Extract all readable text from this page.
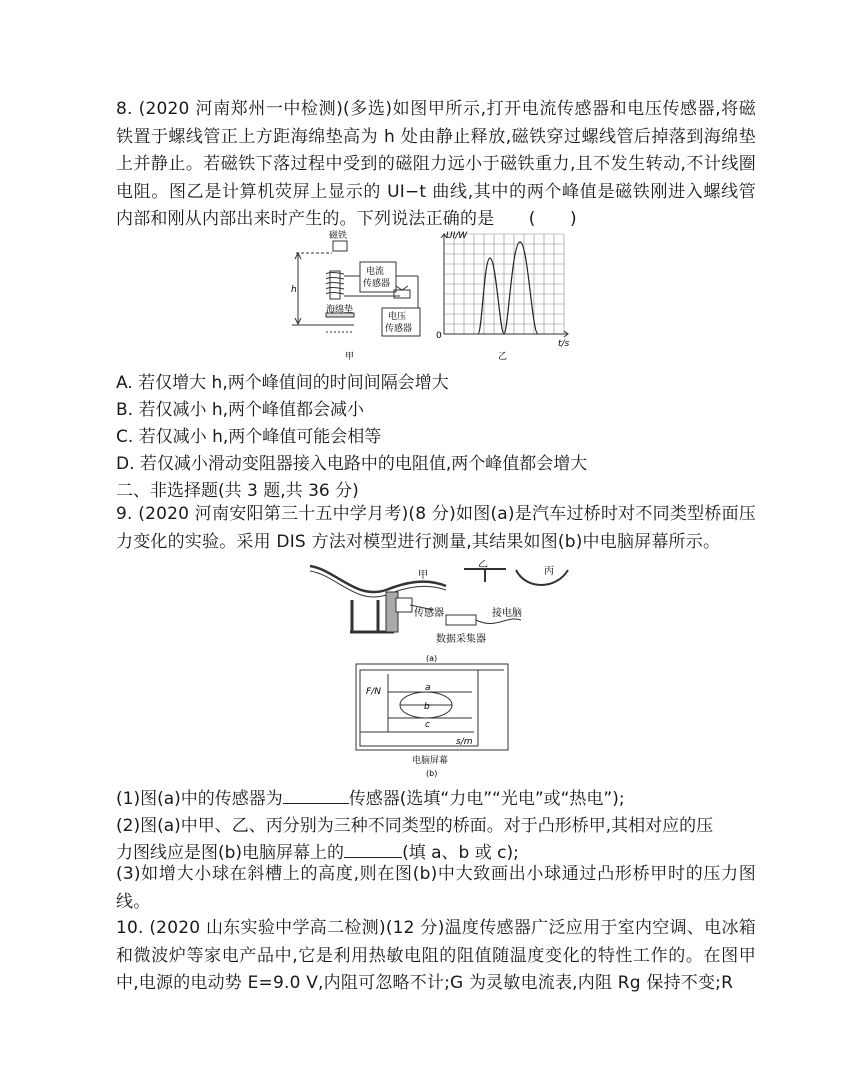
8. (2020 河南郑州一中检测)(多选)如图甲所示,打开电流传感器和电压传感器,将磁铁置于螺线管正上方距海绵垫高为 h 处由静止释放,磁铁穿过螺线管后掉落到海绵垫上并静止。若磁铁下落过程中受到的磁阻力远小于磁铁重力,且不发生转动,不计线圈电阻。图乙是计算机荧屏上显示的 UI−t 曲线,其中的两个峰值是磁铁刚进入螺线管内部和刚从内部出来时产生的。下列说法正确的是　　(　　)
磁铁
电流
传感器
电压
传感器
海绵垫
h
甲
UI/W
t/s
0
乙
A. 若仅增大 h,两个峰值间的时间间隔会增大
B. 若仅减小 h,两个峰值都会减小
C. 若仅减小 h,两个峰值可能会相等
D. 若仅减小滑动变阻器接入电路中的电阻值,两个峰值都会增大
二、非选择题(共 3 题,共 36 分)
9. (2020 河南安阳第三十五中学月考)(8 分)如图(a)是汽车过桥时对不同类型桥面压力变化的实验。采用 DIS 方法对模型进行测量,其结果如图(b)中电脑屏幕所示。
甲
乙
丙
传感器	接电脑
数据采集器
(a)
F/N
s/m
a
b
c
电脑屏幕
(b)
(1)图(a)中的传感器为	传感器(选填“力电”“光电”或“热电”);
(2)图(a)中甲、乙、丙分别为三种不同类型的桥面。对于凸形桥甲,其相对应的压
力图线应是图(b)电脑屏幕上的	(填 a、b 或 c);
(3)如增大小球在斜槽上的高度,则在图(b)中大致画出小球通过凸形桥甲时的压力图线。
10. (2020 山东实验中学高二检测)(12 分)温度传感器广泛应用于室内空调、电冰箱和微波炉等家电产品中,它是利用热敏电阻的阻值随温度变化的特性工作的。在图甲中,电源的电动势 E=9.0 V,内阻可忽略不计;G 为灵敏电流表,内阻 Rg 保持不变;R
